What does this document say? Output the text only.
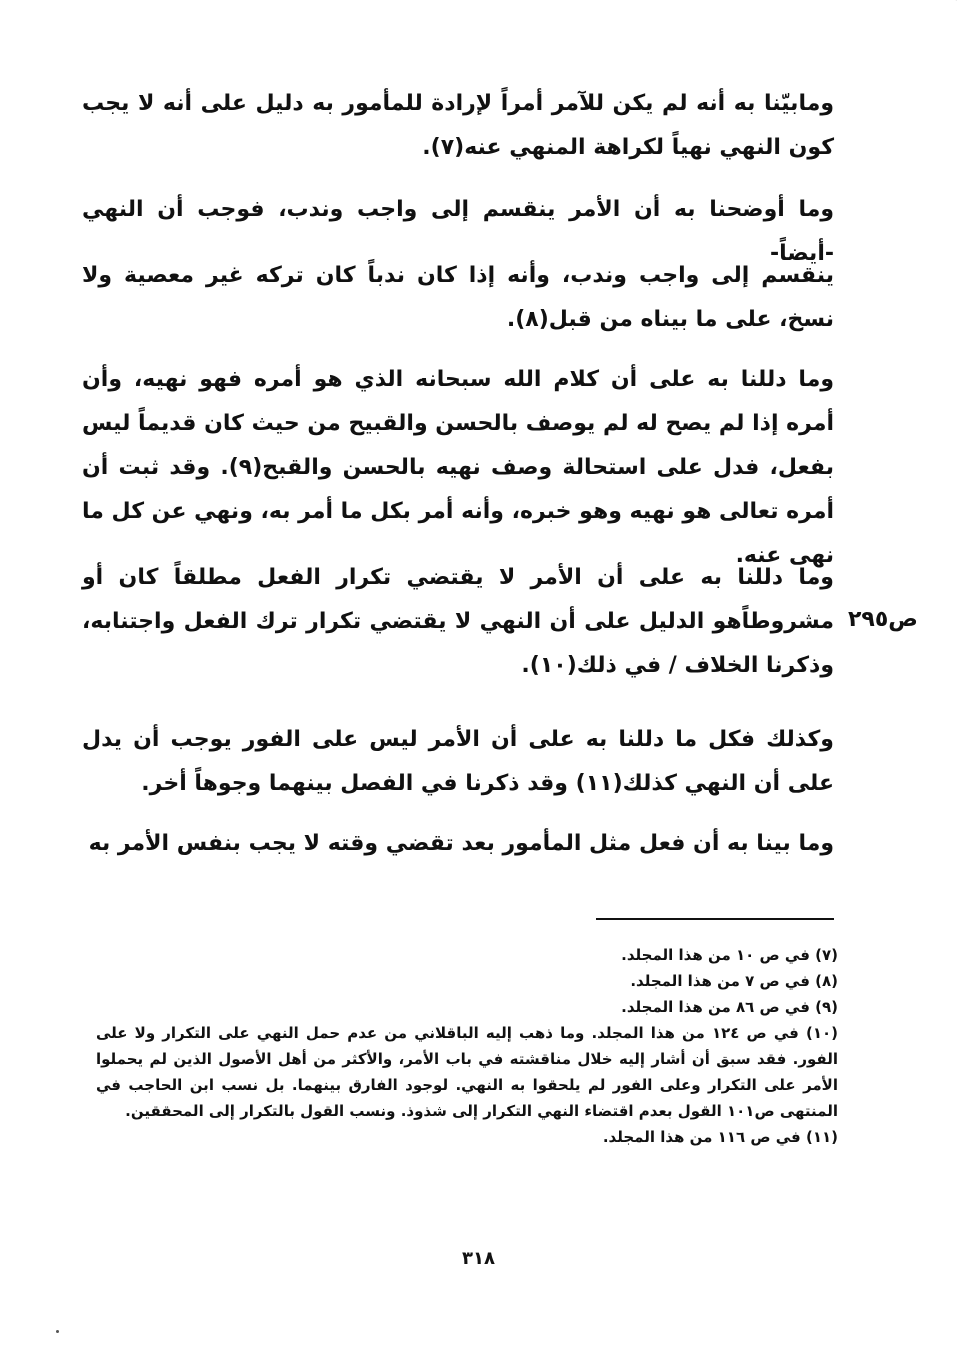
ومابيّنا به أنه لم يكن للآمر أمراً لإرادة للمأمور به دليل على أنه لا يجب كون النهي نهياً لكراهة المنهي عنه(٧).

وما أوضحنا به أن الأمر ينقسم إلى واجب وندب، فوجب أن النهي -أيضاً-

ينقسم إلى واجب وندب، وأنه إذا كان ندباً كان تركه غير معصية ولا نسخ، على ما بيناه من قبل(٨).

وما دللنا به على أن كلام الله سبحانه الذي هو أمره فهو نهيه، وأن أمره إذا لم يصح له لم يوصف بالحسن والقبيح من حيث كان قديماً ليس بفعل، فدل على استحالة وصف نهيه بالحسن والقبح(٩). وقد ثبت أن أمره تعالى هو نهيه وهو خبره، وأنه أمر بكل ما أمر به، ونهي عن كل ما نهى عنه.

وما دللنا به على أن الأمر لا يقتضي تكرار الفعل مطلقاً كان أو مشروطاًهو الدليل على أن النهي لا يقتضي تكرار ترك الفعل واجتنابه، وذكرنا الخلاف / في ذلك(١٠).

ص٢٩٥

وكذلك فكل ما دللنا به على أن الأمر ليس على الفور يوجب أن يدل على أن النهي كذلك(١١) وقد ذكرنا في الفصل بينهما وجوهاً أخر.

وما بينا به أن فعل مثل المأمور بعد تقضي وقته لا يجب بنفس الأمر به

(٧) في ص ١٠ من هذا المجلد.

(٨) في ص ٧ من هذا المجلد.

(٩) في ص ٨٦ من هذا المجلد.

(١٠) في ص ١٢٤ من هذا المجلد. وما ذهب إليه الباقلاني من عدم حمل النهي على التكرار ولا على الفور. فقد سبق أن أشار إليه خلال مناقشته في باب الأمر، والأكثر من أهل الأصول الذين لم يحملوا الأمر على التكرار وعلى الفور لم يلحقوا به النهي. لوجود الفارق بينهما. بل نسب ابن الحاجب في المنتهى ص١٠١ القول بعدم اقتضاء النهي التكرار إلى شذوذ. ونسب القول بالتكرار إلى المحققين.

(١١) في ص ١١٦ من هذا المجلد.

٣١٨
